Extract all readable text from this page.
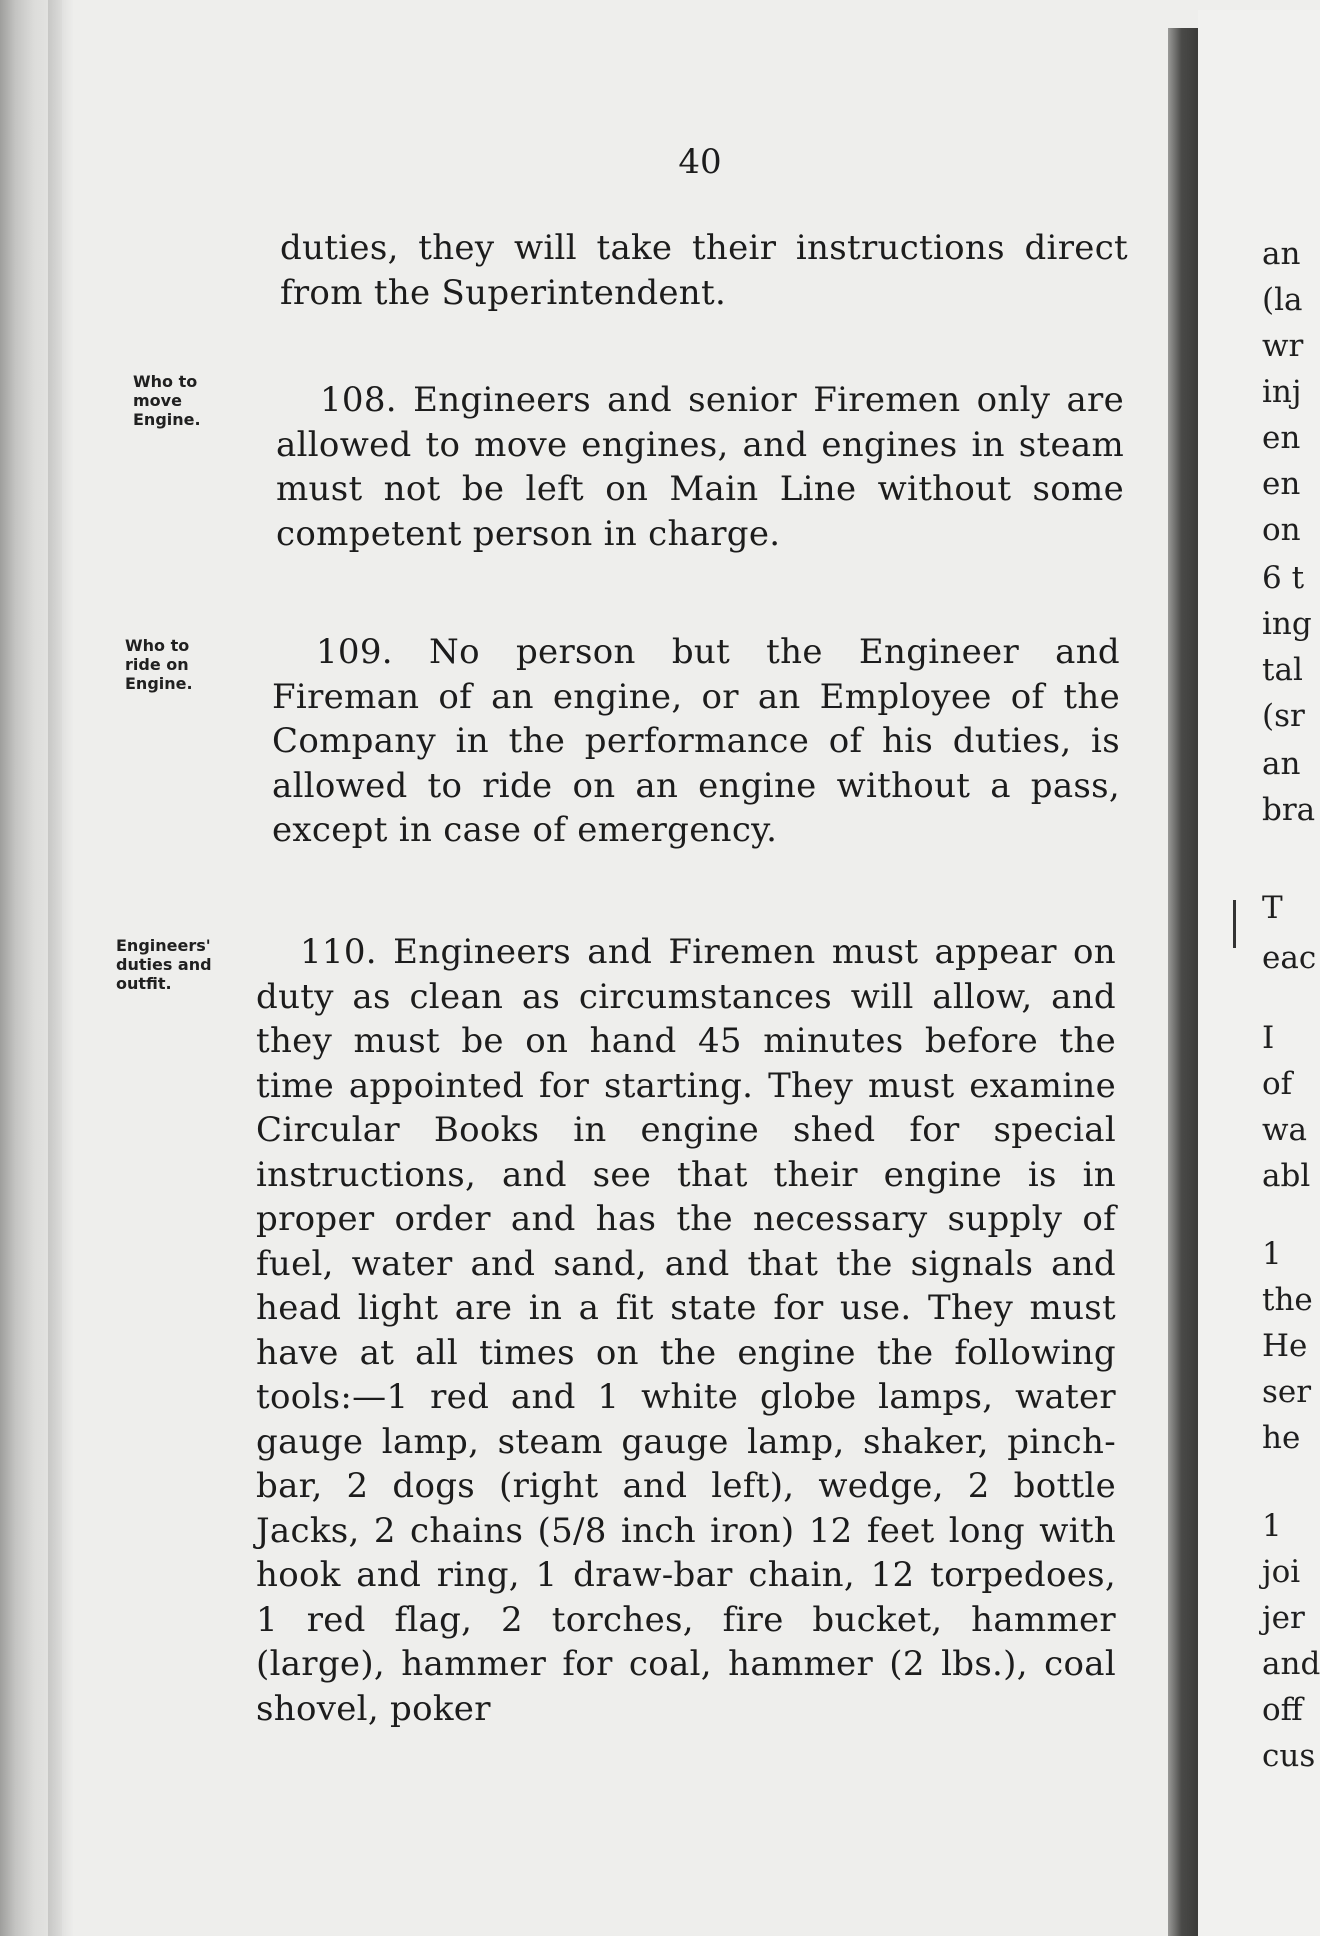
40

duties, they will take their instructions direct from the Superintendent.

Who to
move
Engine.	108. Engineers and senior Firemen only are allowed to move engines, and engines in steam must not be left on Main Line without some competent person in charge.

Who to
ride on
Engine.

109. No person but the Engineer and Fireman of an engine, or an Employee of the Company in the performance of his duties, is allowed to ride on an engine without a pass, except in case of emergency.

Engineers'
duties and
outfit.

110. Engineers and Firemen must appear on duty as clean as circumstances will allow, and they must be on hand 45 minutes before the time appointed for starting. They must examine Circular Books in engine shed for special instructions, and see that their engine is in proper order and has the necessary supply of fuel, water and sand, and that the signals and head light are in a fit state for use. They must have at all times on the engine the following tools:—1 red and 1 white globe lamps, water gauge lamp, steam gauge lamp, shaker, pinch-bar, 2 dogs (right and left), wedge, 2 bottle Jacks, 2 chains (5/8 inch iron) 12 feet long with hook and ring, 1 draw-bar chain, 12 torpedoes, 1 red flag, 2 torches, fire bucket, hammer (large), hammer for coal, hammer (2 lbs.), coal shovel, poker

an
(la
wr
inj
en
en
on
6 t
ing
tal
(sr
an
bra
T
eac
I
of
wa
abl
1
the
He
ser
he
1
joi
jer
and
off
cus
